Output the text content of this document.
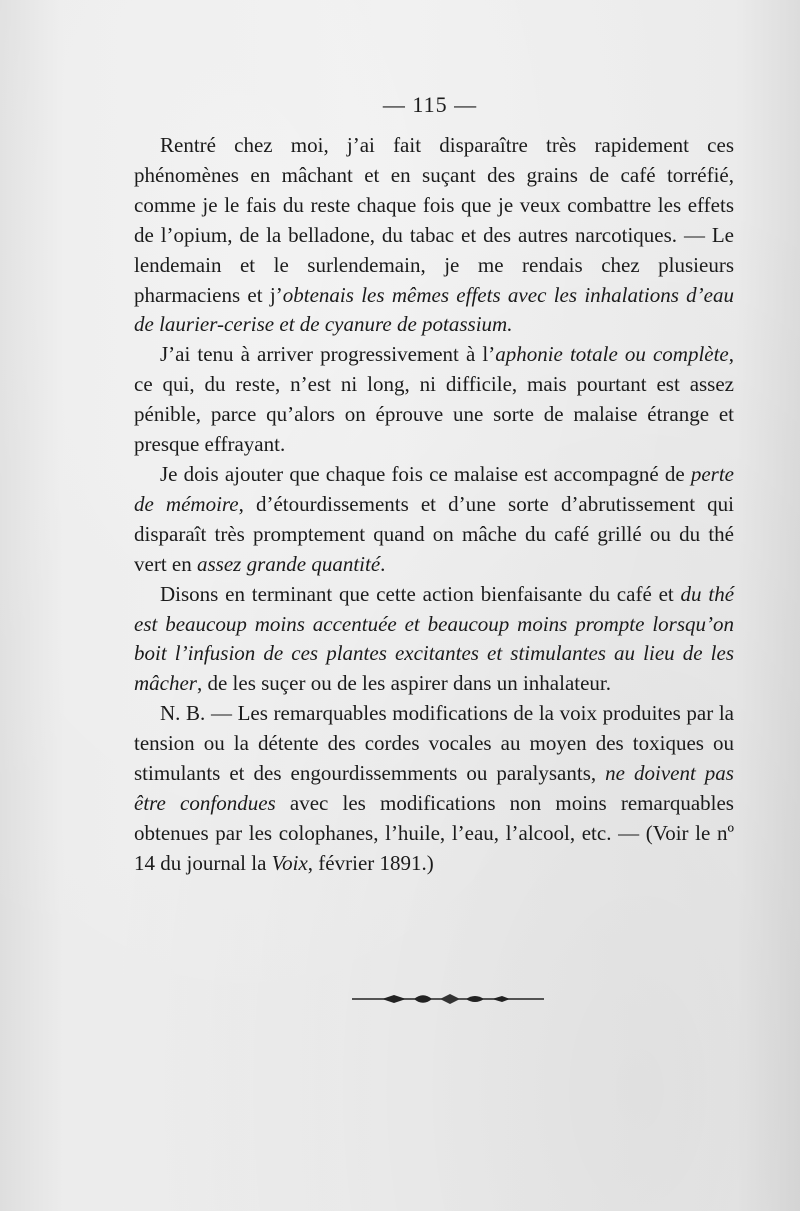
— 115 —

Rentré chez moi, j’ai fait disparaître très rapidement ces phénomènes en mâchant et en suçant des grains de café torréfié, comme je le fais du reste chaque fois que je veux combattre les effets de l’opium, de la belladone, du tabac et des autres narcotiques. — Le lendemain et le surlendemain, je me rendais chez plusieurs pharmaciens et j’obtenais les mêmes effets avec les inhalations d’eau de laurier-cerise et de cyanure de potassium.

J’ai tenu à arriver progressivement à l’aphonie totale ou complète, ce qui, du reste, n’est ni long, ni difficile, mais pourtant est assez pénible, parce qu’alors on éprouve une sorte de malaise étrange et presque effrayant.

Je dois ajouter que chaque fois ce malaise est accompagné de perte de mémoire, d’étourdissements et d’une sorte d’abrutissement qui disparaît très promptement quand on mâche du café grillé ou du thé vert en assez grande quantité.

Disons en terminant que cette action bienfaisante du café et du thé est beaucoup moins accentuée et beaucoup moins prompte lorsqu’on boit l’infusion de ces plantes excitantes et stimulantes au lieu de les mâcher, de les suçer ou de les aspirer dans un inhalateur.

N. B. — Les remarquables modifications de la voix produites par la tension ou la détente des cordes vocales au moyen des toxiques ou stimulants et des engourdissemments ou paralysants, ne doivent pas être confondues avec les modifications non moins remarquables obtenues par les colophanes, l’huile, l’eau, l’alcool, etc. — (Voir le nº 14 du journal la Voix, février 1891.)
